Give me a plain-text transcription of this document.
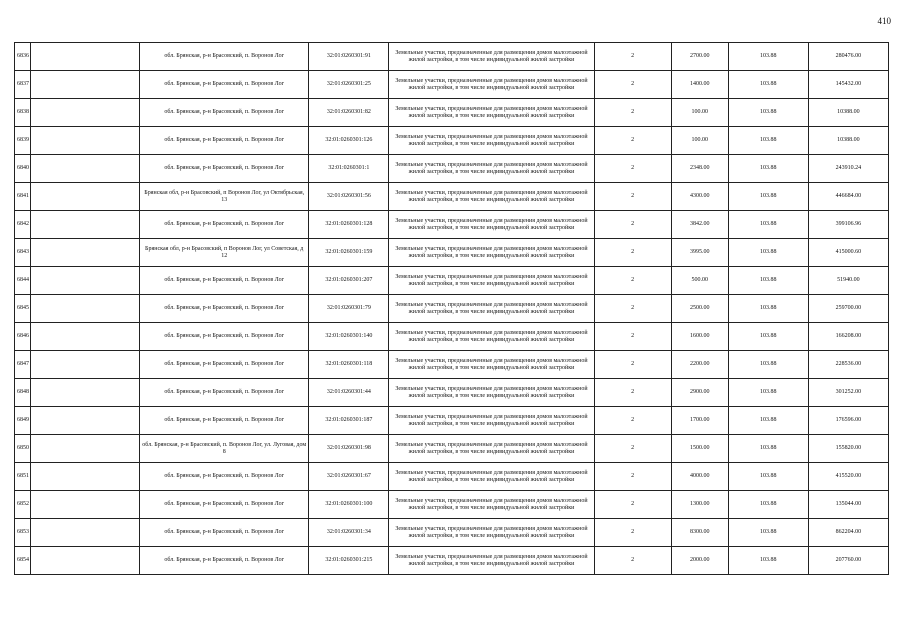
410
6836		обл. Брянская, р-н Брасовский, п. Воронов Лог	32:01:0260301:91	Земельные участки, предназначенные для размещения домов малоэтажной жилой застройки, в том числе индивидуальной жилой застройки	2	2700.00	103.88	280476.00
6837		обл. Брянская, р-н Брасовский, п. Воронов Лог	32:01:0260301:25	Земельные участки, предназначенные для размещения домов малоэтажной жилой застройки, в том числе индивидуальной жилой застройки	2	1400.00	103.88	145432.00
6838		обл. Брянская, р-н Брасовский, п. Воронов Лог	32:01:0260301:82	Земельные участки, предназначенные для размещения домов малоэтажной жилой застройки, в том числе индивидуальной жилой застройки	2	100.00	103.88	10388.00
6839		обл. Брянская, р-н Брасовский, п. Воронов Лог	32:01:0260301:126	Земельные участки, предназначенные для размещения домов малоэтажной жилой застройки, в том числе индивидуальной жилой застройки	2	100.00	103.88	10388.00
6840		обл. Брянская, р-н Брасовский, п. Воронов Лог	32:01:0260301:1	Земельные участки, предназначенные для размещения домов малоэтажной жилой застройки, в том числе индивидуальной жилой застройки	2	2348.00	103.88	243910.24
6841		Брянская обл, р-н Брасовский, п Воронов Лог, ул Октябрьская, 13	32:01:0260301:56	Земельные участки, предназначенные для размещения домов малоэтажной жилой застройки, в том числе индивидуальной жилой застройки	2	4300.00	103.88	446684.00
6842		обл. Брянская, р-н Брасовский, п. Воронов Лог	32:01:0260301:128	Земельные участки, предназначенные для размещения домов малоэтажной жилой застройки, в том числе индивидуальной жилой застройки	2	3842.00	103.88	399106.96
6843		Брянская обл, р-н Брасовский, п Воронов Лог, ул Советская, д 12	32:01:0260301:159	Земельные участки, предназначенные для размещения домов малоэтажной жилой застройки, в том числе индивидуальной жилой застройки	2	3995.00	103.88	415000.60
6844		обл. Брянская, р-н Брасовский, п. Воронов Лог	32:01:0260301:207	Земельные участки, предназначенные для размещения домов малоэтажной жилой застройки, в том числе индивидуальной жилой застройки	2	500.00	103.88	51940.00
6845		обл. Брянская, р-н Брасовский, п. Воронов Лог	32:01:0260301:79	Земельные участки, предназначенные для размещения домов малоэтажной жилой застройки, в том числе индивидуальной жилой застройки	2	2500.00	103.88	259700.00
6846		обл. Брянская, р-н Брасовский, п. Воронов Лог	32:01:0260301:140	Земельные участки, предназначенные для размещения домов малоэтажной жилой застройки, в том числе индивидуальной жилой застройки	2	1600.00	103.88	166208.00
6847		обл. Брянская, р-н Брасовский, п. Воронов Лог	32:01:0260301:118	Земельные участки, предназначенные для размещения домов малоэтажной жилой застройки, в том числе индивидуальной жилой застройки	2	2200.00	103.88	228536.00
6848		обл. Брянская, р-н Брасовский, п. Воронов Лог	32:01:0260301:44	Земельные участки, предназначенные для размещения домов малоэтажной жилой застройки, в том числе индивидуальной жилой застройки	2	2900.00	103.88	301252.00
6849		обл. Брянская, р-н Брасовский, п. Воронов Лог	32:01:0260301:187	Земельные участки, предназначенные для размещения домов малоэтажной жилой застройки, в том числе индивидуальной жилой застройки	2	1700.00	103.88	176596.00
6850		обл. Брянская, р-н Брасовский, п. Воронов Лог, ул. Луговая, дом 8	32:01:0260301:98	Земельные участки, предназначенные для размещения домов малоэтажной жилой застройки, в том числе индивидуальной жилой застройки	2	1500.00	103.88	155820.00
6851		обл. Брянская, р-н Брасовский, п. Воронов Лог	32:01:0260301:67	Земельные участки, предназначенные для размещения домов малоэтажной жилой застройки, в том числе индивидуальной жилой застройки	2	4000.00	103.88	415520.00
6852		обл. Брянская, р-н Брасовский, п. Воронов Лог	32:01:0260301:100	Земельные участки, предназначенные для размещения домов малоэтажной жилой застройки, в том числе индивидуальной жилой застройки	2	1300.00	103.88	135044.00
6853		обл. Брянская, р-н Брасовский, п. Воронов Лог	32:01:0260301:34	Земельные участки, предназначенные для размещения домов малоэтажной жилой застройки, в том числе индивидуальной жилой застройки	2	8300.00	103.88	862204.00
6854		обл. Брянская, р-н Брасовский, п. Воронов Лог	32:01:0260301:215	Земельные участки, предназначенные для размещения домов малоэтажной жилой застройки, в том числе индивидуальной жилой застройки	2	2000.00	103.88	207760.00
